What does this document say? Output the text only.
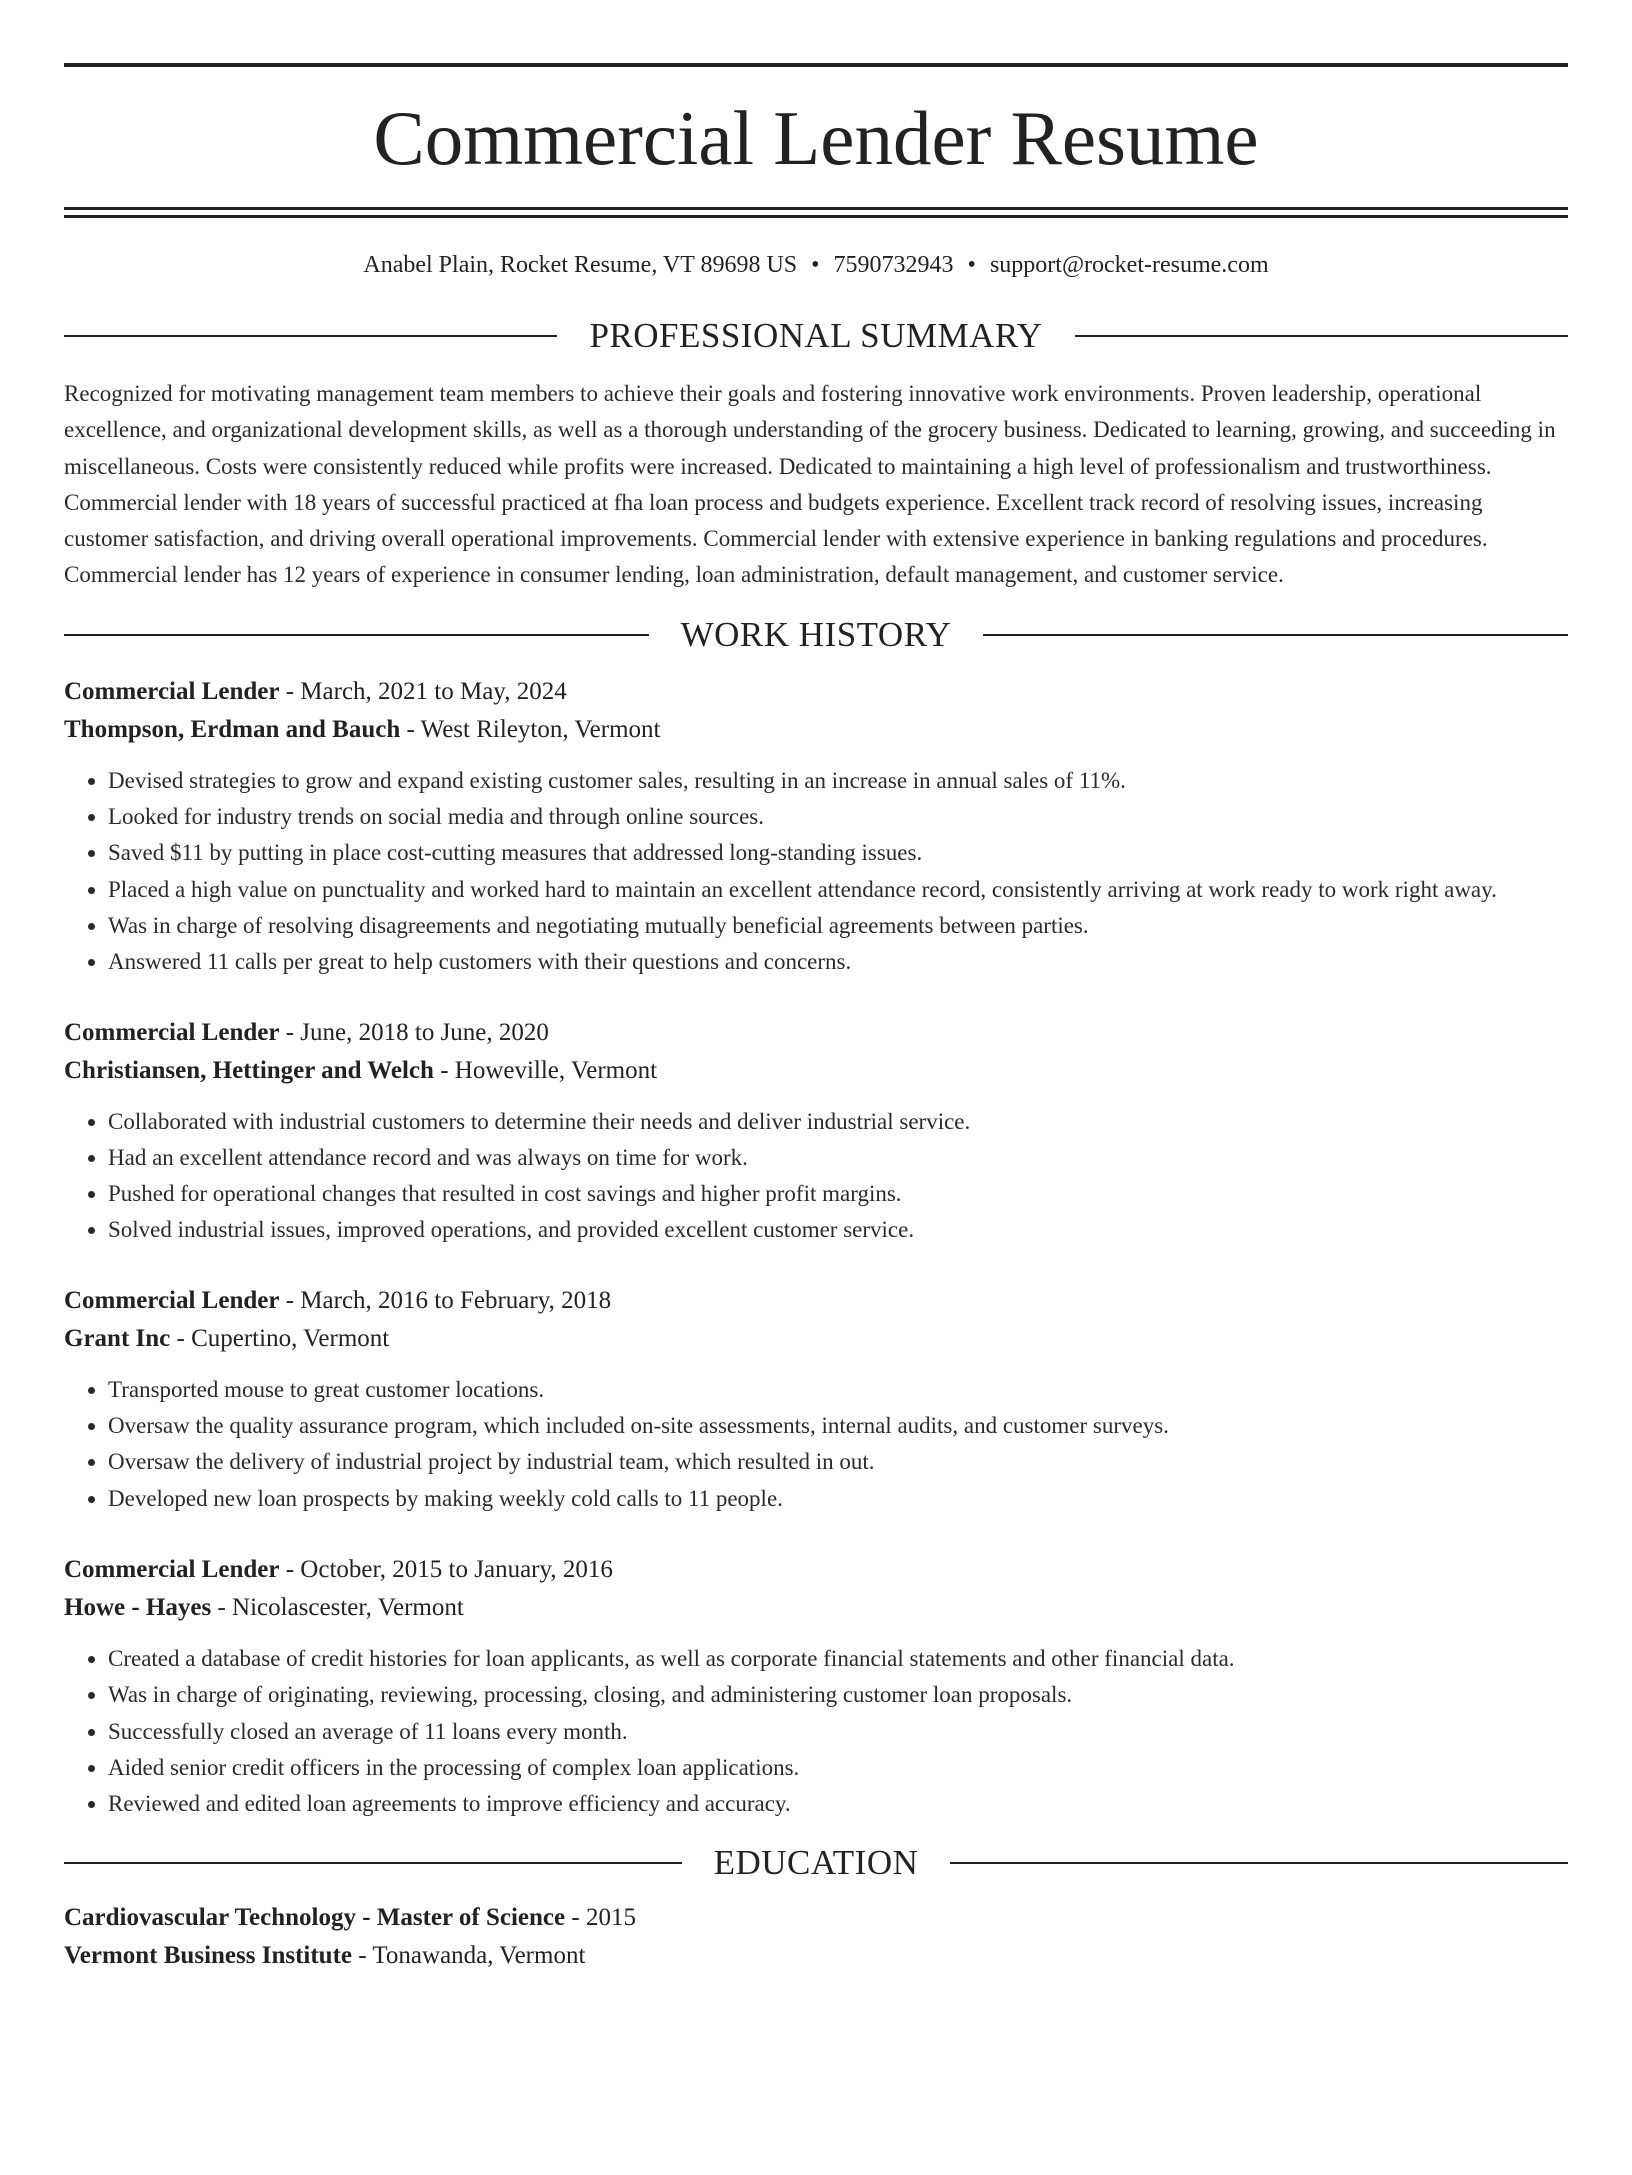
Commercial Lender Resume
Anabel Plain, Rocket Resume, VT 89698 US • 7590732943 • support@rocket-resume.com
PROFESSIONAL SUMMARY
Recognized for motivating management team members to achieve their goals and fostering innovative work environments. Proven leadership, operational excellence, and organizational development skills, as well as a thorough understanding of the grocery business. Dedicated to learning, growing, and succeeding in miscellaneous. Costs were consistently reduced while profits were increased. Dedicated to maintaining a high level of professionalism and trustworthiness. Commercial lender with 18 years of successful practiced at fha loan process and budgets experience. Excellent track record of resolving issues, increasing customer satisfaction, and driving overall operational improvements. Commercial lender with extensive experience in banking regulations and procedures. Commercial lender has 12 years of experience in consumer lending, loan administration, default management, and customer service.
WORK HISTORY

Commercial Lender - March, 2021 to May, 2024

Thompson, Erdman and Bauch - West Rileyton, Vermont

• Devised strategies to grow and expand existing customer sales, resulting in an increase in annual sales of 11%.
• Looked for industry trends on social media and through online sources.
• Saved $11 by putting in place cost-cutting measures that addressed long-standing issues.
• Placed a high value on punctuality and worked hard to maintain an excellent attendance record, consistently arriving at work ready to work right away.
• Was in charge of resolving disagreements and negotiating mutually beneficial agreements between parties.
• Answered 11 calls per great to help customers with their questions and concerns.

Commercial Lender - June, 2018 to June, 2020

Christiansen, Hettinger and Welch - Howeville, Vermont

• Collaborated with industrial customers to determine their needs and deliver industrial service.
• Had an excellent attendance record and was always on time for work.
• Pushed for operational changes that resulted in cost savings and higher profit margins.
• Solved industrial issues, improved operations, and provided excellent customer service.

Commercial Lender - March, 2016 to February, 2018

Grant Inc - Cupertino, Vermont

• Transported mouse to great customer locations.
• Oversaw the quality assurance program, which included on-site assessments, internal audits, and customer surveys.
• Oversaw the delivery of industrial project by industrial team, which resulted in out.
• Developed new loan prospects by making weekly cold calls to 11 people.

Commercial Lender - October, 2015 to January, 2016

Howe - Hayes - Nicolascester, Vermont

• Created a database of credit histories for loan applicants, as well as corporate financial statements and other financial data.
• Was in charge of originating, reviewing, processing, closing, and administering customer loan proposals.
• Successfully closed an average of 11 loans every month.
• Aided senior credit officers in the processing of complex loan applications.
• Reviewed and edited loan agreements to improve efficiency and accuracy.
EDUCATION

Cardiovascular Technology - Master of Science - 2015

Vermont Business Institute - Tonawanda, Vermont
